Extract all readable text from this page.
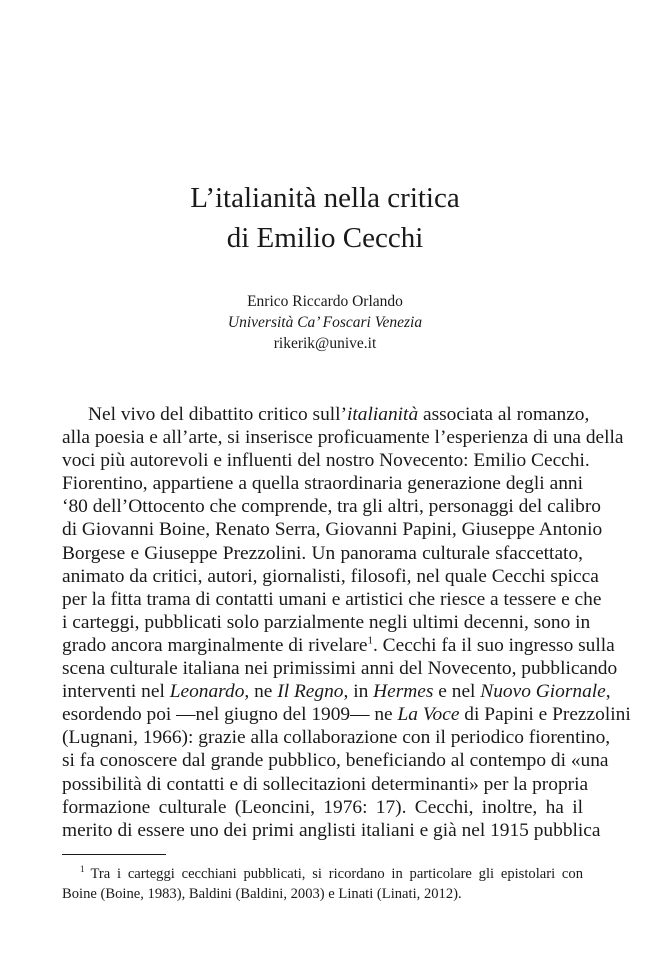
L’italianità nella critica
di Emilio Cecchi
Enrico Riccardo Orlando
Università Ca’ Foscari Venezia
rikerik@unive.it
Nel vivo del dibattito critico sull’italianità associata al romanzo,
alla poesia e all’arte, si inserisce proficuamente l’esperienza di una della
voci più autorevoli e influenti del nostro Novecento: Emilio Cecchi.
Fiorentino, appartiene a quella straordinaria generazione degli anni
‘80 dell’Ottocento che comprende, tra gli altri, personaggi del calibro
di Giovanni Boine, Renato Serra, Giovanni Papini, Giuseppe Antonio
Borgese e Giuseppe Prezzolini. Un panorama culturale sfaccettato,
animato da critici, autori, giornalisti, filosofi, nel quale Cecchi spicca
per la fitta trama di contatti umani e artistici che riesce a tessere e che
i carteggi, pubblicati solo parzialmente negli ultimi decenni, sono in
grado ancora marginalmente di rivelare$^1$. Cecchi fa il suo ingresso sulla
scena culturale italiana nei primissimi anni del Novecento, pubblicando
interventi nel Leonardo, ne Il Regno, in Hermes e nel Nuovo Giornale,
esordendo poi —nel giugno del 1909— ne La Voce di Papini e Prezzolini
(Lugnani, 1966): grazie alla collaborazione con il periodico fiorentino,
si fa conoscere dal grande pubblico, beneficiando al contempo di «una
possibilità di contatti e di sollecitazioni determinanti» per la propria
formazione culturale (Leoncini, 1976: 17). Cecchi, inoltre, ha il
merito di essere uno dei primi anglisti italiani e già nel 1915 pubblica
$^1$ Tra i carteggi cecchiani pubblicati, si ricordano in particolare gli epistolari con
Boine (Boine, 1983), Baldini (Baldini, 2003) e Linati (Linati, 2012).
